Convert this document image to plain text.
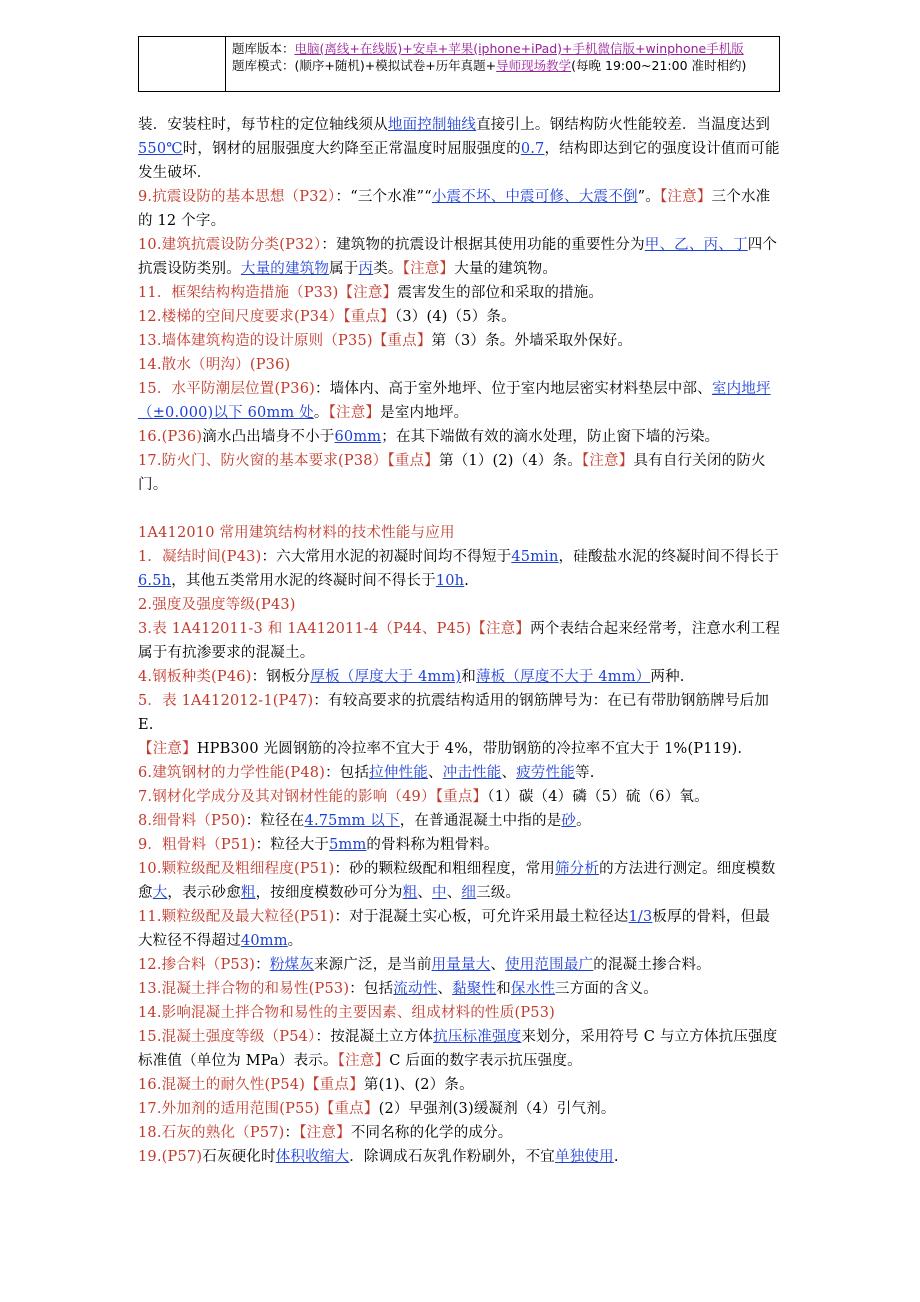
题库版本：电脑(离线+在线版)+安卓+苹果(iphone+iPad)+手机微信版+winphone手机版
题库模式：(顺序+随机)+模拟试卷+历年真题+导师现场教学(每晚 19:00~21:00 准时相约)

装．安装柱时，每节柱的定位轴线须从地面控制轴线直接引上。钢结构防火性能较差．当温度达到550℃时，钢材的屈服强度大约降至正常温度时屈服强度的0.7，结构即达到它的强度设计值而可能发生破坏．

9.抗震设防的基本思想（P32）：“三个水准”“小震不坏、中震可修、大震不倒”。【注意】三个水准的 12 个字。

10.建筑抗震设防分类(P32）：建筑物的抗震设计根据其使用功能的重要性分为甲、乙、丙、丁四个抗震设防类别。大量的建筑物属于丙类。【注意】大量的建筑物。

11．框架结构构造措施（P33)【注意】震害发生的部位和采取的措施。

12.楼梯的空间尺度要求(P34）【重点】（3）(4)（5）条。

13.墙体建筑构造的设计原则（P35)【重点】第（3）条。外墙采取外保好。

14.散水（明沟）(P36)

15．水平防潮层位置(P36)：墙体内、高于室外地坪、位于室内地层密实材料垫层中部、室内地坪（±0.000)以下 60mm 处。【注意】是室内地坪。

16.(P36)滴水凸出墙身不小于60mm；在其下端做有效的滴水处理，防止窗下墙的污染。

17.防火门、防火窗的基本要求(P38）【重点】第（1）(2)（4）条。【注意】具有自行关闭的防火门。

1A412010 常用建筑结构材料的技术性能与应用

1．凝结时间(P43)：六大常用水泥的初凝时间均不得短于45min，硅酸盐水泥的终凝时间不得长于6.5h，其他五类常用水泥的终凝时间不得长于10h.

2.强度及强度等级(P43)

3.表 1A412011-3 和 1A412011-4（P44、P45)【注意】两个表结合起来经常考，注意水利工程属于有抗渗要求的混凝土。

4.钢板种类(P46)：钢板分厚板（厚度大于 4mm)和薄板（厚度不大于 4mm）两种.

5．表 1A412012-1(P47)：有较高要求的抗震结构适用的钢筋牌号为：在已有带肋钢筋牌号后加 E.

【注意】HPB300 光圆钢筋的冷拉率不宜大于 4%，带肋钢筋的冷拉率不宜大于 1%(P119).

6.建筑钢材的力学性能(P48)：包括拉伸性能、冲击性能、疲劳性能等.

7.钢材化学成分及其对钢材性能的影响（49）【重点】（1）碳（4）磷（5）硫（6）氧。

8.细骨料（P50)：粒径在4.75mm 以下，在普通混凝土中指的是砂。

9．粗骨料（P51)：粒径大于5mm的骨料称为粗骨料。

10.颗粒级配及粗细程度(P51)：砂的颗粒级配和粗细程度，常用筛分析的方法进行测定。细度模数愈大，表示砂愈粗，按细度模数砂可分为粗、中、细三级。

11.颗粒级配及最大粒径(P51)：对于混凝土实心板，可允许采用最土粒径达1/3板厚的骨料，但最大粒径不得超过40mm。

12.掺合料（P53)：粉煤灰来源广泛，是当前用量量大、使用范围最广的混凝土掺合料。

13.混凝土拌合物的和易性(P53)：包括流动性、黏聚性和保水性三方面的含义。

14.影响混凝土拌合物和易性的主要因素、组成材料的性质(P53)

15.混凝土强度等级（P54）：按混凝土立方体抗压标准强度来划分，采用符号 C 与立方体抗压强度标准值（单位为 MPa）表示。【注意】C 后面的数字表示抗压强度。

16.混凝土的耐久性(P54)【重点】第(1)、(2）条。

17.外加剂的适用范围(P55)【重点】(2）早强剂(3)缓凝剂（4）引气剂。

18.石灰的熟化（P57)：【注意】不同名称的化学的成分。

19.(P57)石灰硬化时体积收缩大．除调成石灰乳作粉刷外，不宜单独使用.
